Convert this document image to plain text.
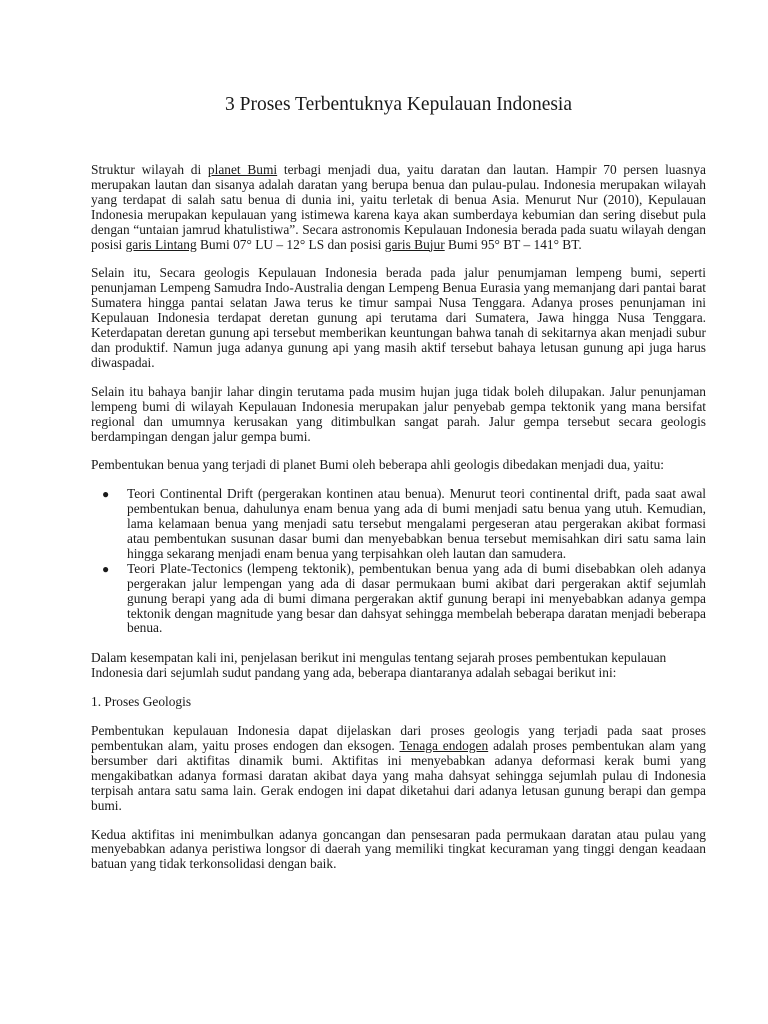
3 Proses Terbentuknya Kepulauan Indonesia

Struktur wilayah di planet Bumi terbagi menjadi dua, yaitu daratan dan lautan. Hampir 70 persen luasnya merupakan lautan dan sisanya adalah daratan yang berupa benua dan pulau-pulau. Indonesia merupakan wilayah yang terdapat di salah satu benua di dunia ini, yaitu terletak di benua Asia. Menurut Nur (2010), Kepulauan Indonesia merupakan kepulauan yang istimewa karena kaya akan sumberdaya kebumian dan sering disebut pula dengan “untaian jamrud khatulistiwa”. Secara astronomis Kepulauan Indonesia berada pada suatu wilayah dengan posisi garis Lintang Bumi 07° LU – 12° LS dan posisi garis Bujur Bumi 95° BT – 141° BT.

Selain itu, Secara geologis Kepulauan Indonesia berada pada jalur penumjaman lempeng bumi, seperti penunjaman Lempeng Samudra Indo-Australia dengan Lempeng Benua Eurasia yang memanjang dari pantai barat Sumatera hingga pantai selatan Jawa terus ke timur sampai Nusa Tenggara. Adanya proses penunjaman ini Kepulauan Indonesia terdapat deretan gunung api terutama dari Sumatera, Jawa hingga Nusa Tenggara. Keterdapatan deretan gunung api tersebut memberikan keuntungan bahwa tanah di sekitarnya akan menjadi subur dan produktif. Namun juga adanya gunung api yang masih aktif tersebut bahaya letusan gunung api juga harus diwaspadai.

Selain itu bahaya banjir lahar dingin terutama pada musim hujan juga tidak boleh dilupakan. Jalur penunjaman lempeng bumi di wilayah Kepulauan Indonesia merupakan jalur penyebab gempa tektonik yang mana bersifat regional dan umumnya kerusakan yang ditimbulkan sangat parah. Jalur gempa tersebut secara geologis berdampingan dengan jalur gempa bumi.

Pembentukan benua yang terjadi di planet Bumi oleh beberapa ahli geologis dibedakan menjadi dua, yaitu:

● Teori Continental Drift (pergerakan kontinen atau benua). Menurut teori continental drift, pada saat awal pembentukan benua, dahulunya enam benua yang ada di bumi menjadi satu benua yang utuh. Kemudian, lama kelamaan benua yang menjadi satu tersebut mengalami pergeseran atau pergerakan akibat formasi atau pembentukan susunan dasar bumi dan menyebabkan benua tersebut memisahkan diri satu sama lain hingga sekarang menjadi enam benua yang terpisahkan oleh lautan dan samudera.
● Teori Plate-Tectonics (lempeng tektonik), pembentukan benua yang ada di bumi disebabkan oleh adanya pergerakan jalur lempengan yang ada di dasar permukaan bumi akibat dari pergerakan aktif sejumlah gunung berapi yang ada di bumi dimana pergerakan aktif gunung berapi ini menyebabkan adanya gempa tektonik dengan magnitude yang besar dan dahsyat sehingga membelah beberapa daratan menjadi beberapa benua.

Dalam kesempatan kali ini, penjelasan berikut ini mengulas tentang sejarah proses pembentukan kepulauan Indonesia dari sejumlah sudut pandang yang ada, beberapa diantaranya adalah sebagai berikut ini:

1. Proses Geologis

Pembentukan kepulauan Indonesia dapat dijelaskan dari proses geologis yang terjadi pada saat proses pembentukan alam, yaitu proses endogen dan eksogen. Tenaga endogen adalah proses pembentukan alam yang bersumber dari aktifitas dinamik bumi. Aktifitas ini menyebabkan adanya deformasi kerak bumi yang mengakibatkan adanya formasi daratan akibat daya yang maha dahsyat sehingga sejumlah pulau di Indonesia terpisah antara satu sama lain. Gerak endogen ini dapat diketahui dari adanya letusan gunung berapi dan gempa bumi.

Kedua aktifitas ini menimbulkan adanya goncangan dan pensesaran pada permukaan daratan atau pulau yang menyebabkan adanya peristiwa longsor di daerah yang memiliki tingkat kecuraman yang tinggi dengan keadaan batuan yang tidak terkonsolidasi dengan baik.
